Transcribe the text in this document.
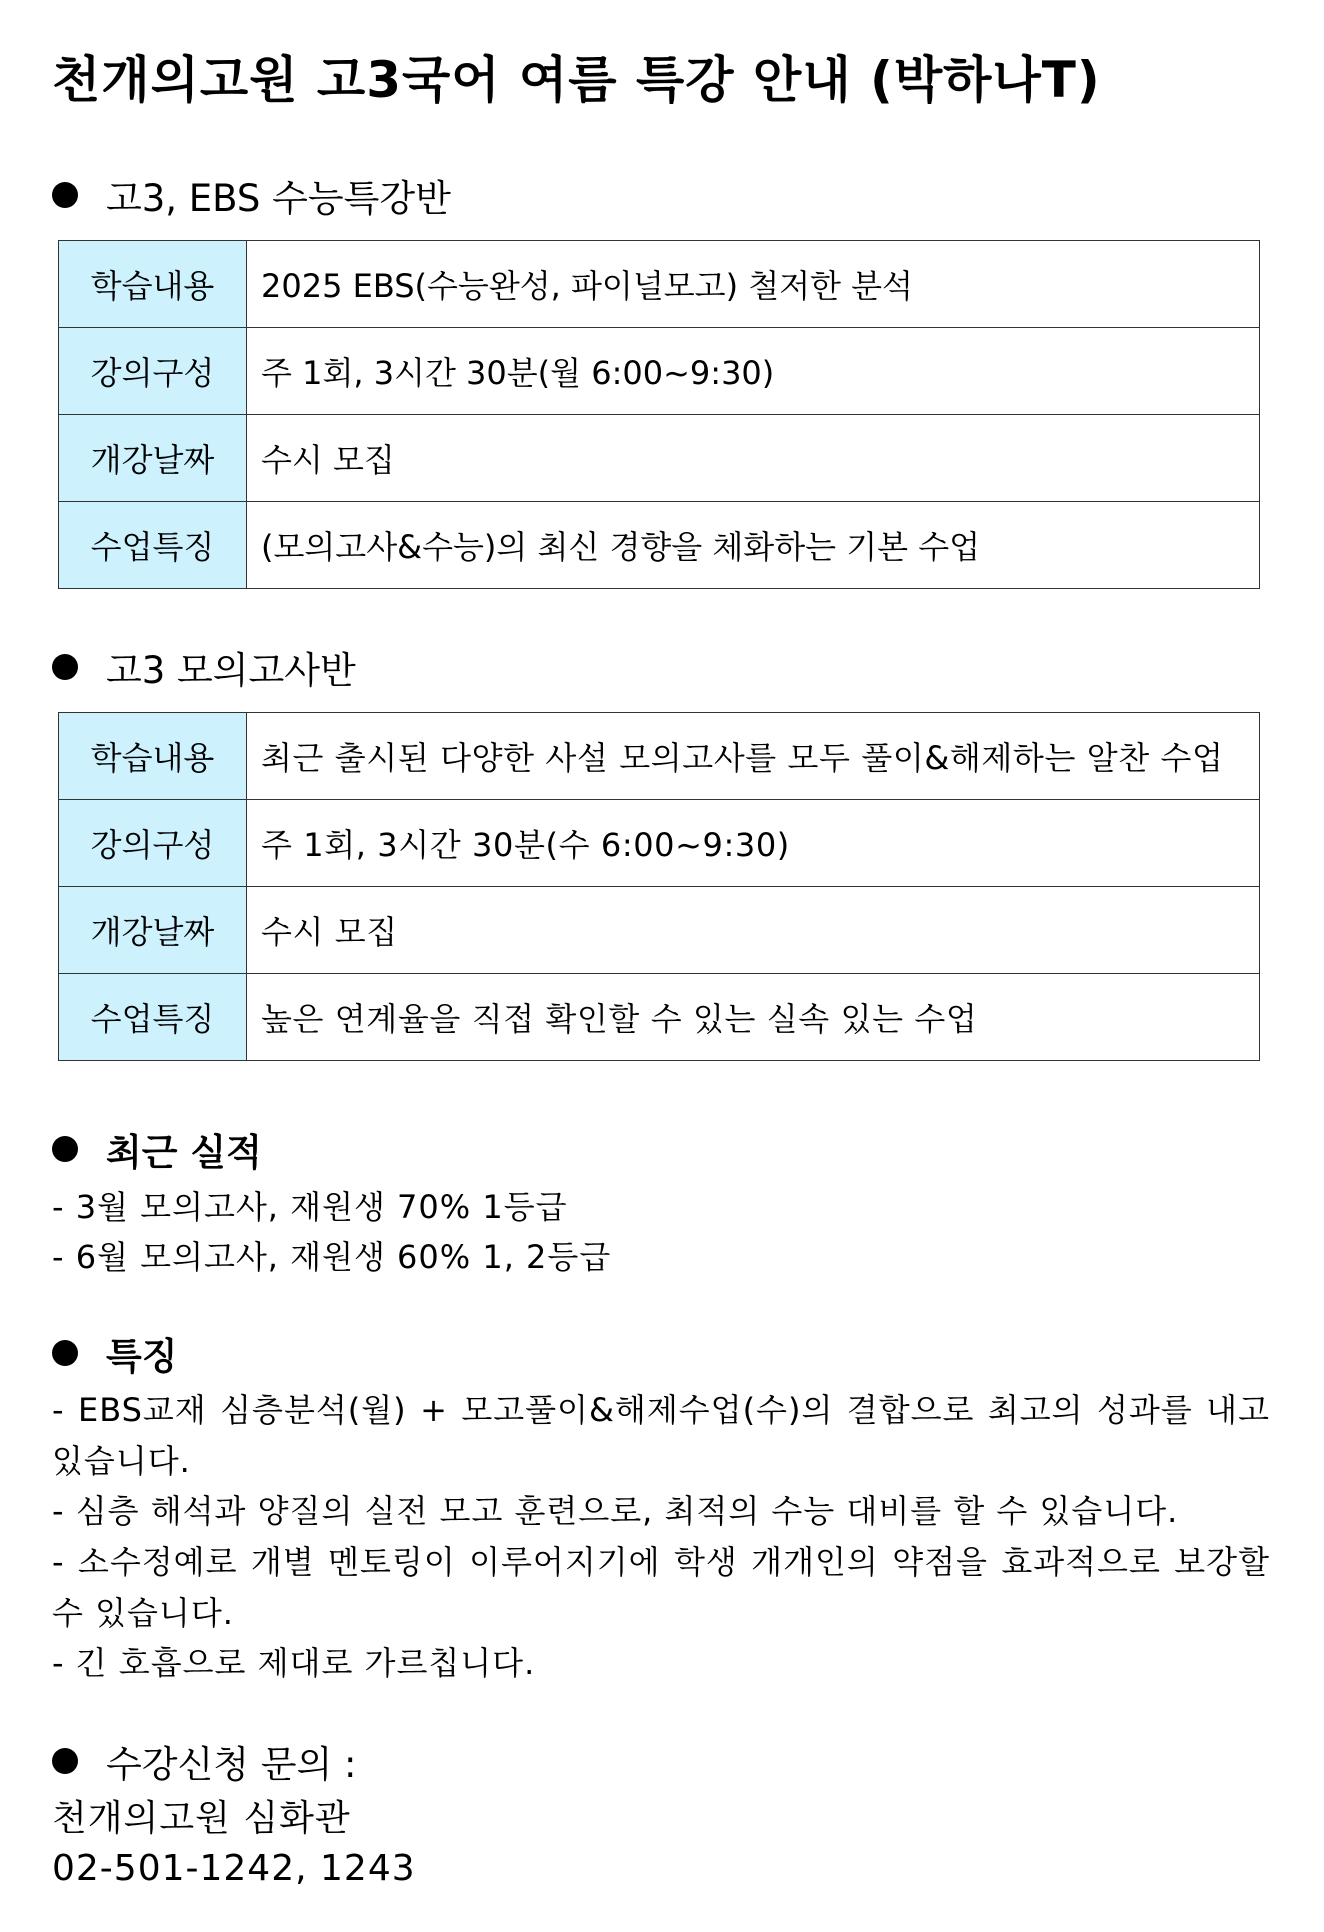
천개의고원 고3국어 여름 특강 안내 (박하나T)
고3, EBS 수능특강반
학습내용	2025 EBS(수능완성, 파이널모고) 철저한 분석
강의구성	주 1회, 3시간 30분(월 6:00~9:30)
개강날짜	수시 모집
수업특징	(모의고사&수능)의 최신 경향을 체화하는 기본 수업
고3 모의고사반
학습내용	최근 출시된 다양한 사설 모의고사를 모두 풀이&해제하는 알찬 수업
강의구성	주 1회, 3시간 30분(수 6:00~9:30)
개강날짜	수시 모집
수업특징	높은 연계율을 직접 확인할 수 있는 실속 있는 수업
최근 실적
- 3월 모의고사, 재원생 70% 1등급
- 6월 모의고사, 재원생 60% 1, 2등급
특징
- EBS교재 심층분석(월) + 모고풀이&해제수업(수)의 결합으로 최고의 성과를 내고 있습니다.
- 심층 해석과 양질의 실전 모고 훈련으로, 최적의 수능 대비를 할 수 있습니다.
- 소수정예로 개별 멘토링이 이루어지기에 학생 개개인의 약점을 효과적으로 보강할 수 있습니다.
- 긴 호흡으로 제대로 가르칩니다.
수강신청 문의 :
천개의고원 심화관
02-501-1242, 1243
